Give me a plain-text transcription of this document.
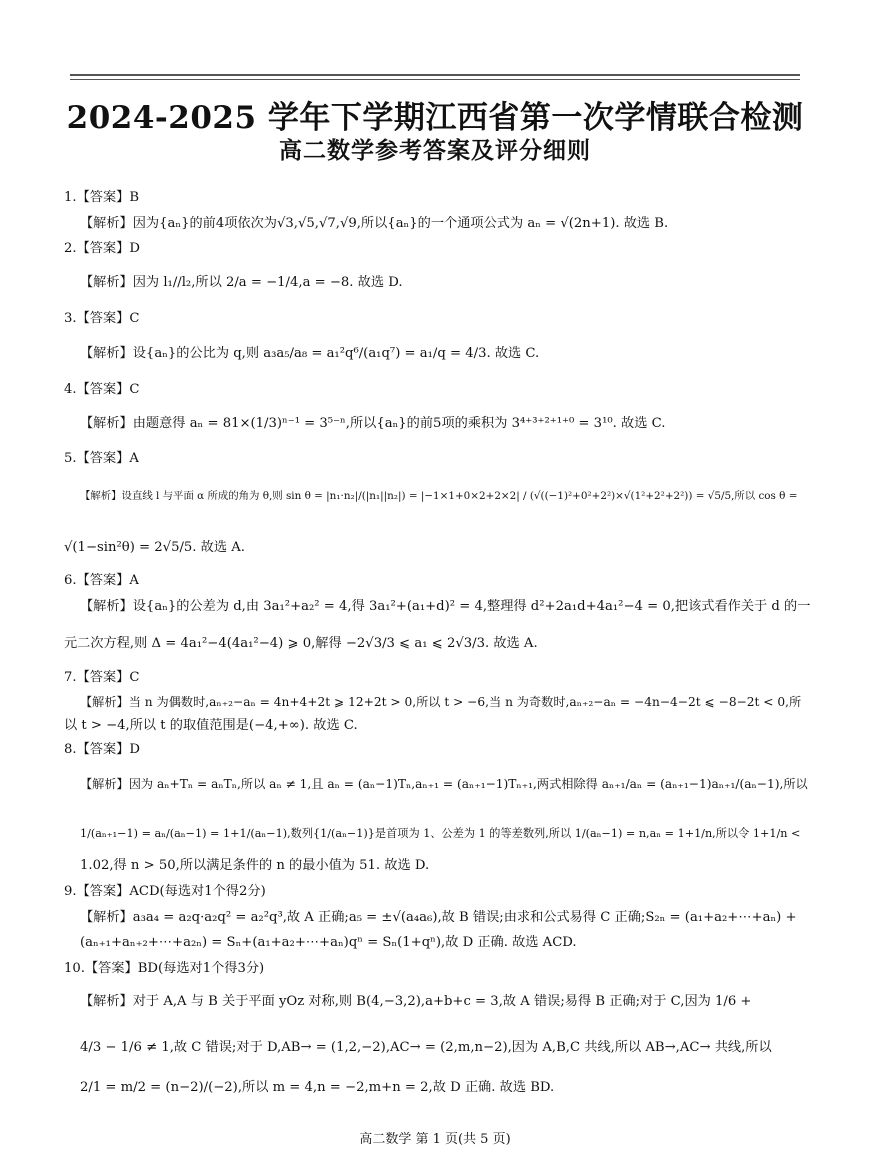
2024-2025 学年下学期江西省第一次学情联合检测
高二数学参考答案及评分细则
1.【答案】B
【解析】因为{aₙ}的前4项依次为√3,√5,√7,√9,所以{aₙ}的一个通项公式为 aₙ = √(2n+1). 故选 B.
2.【答案】D
【解析】因为 l₁//l₂,所以 2/a = −1/4,a = −8. 故选 D.
3.【答案】C
【解析】设{aₙ}的公比为 q,则 a₃a₅/a₈ = a₁²q⁶/(a₁q⁷) = a₁/q = 4/3. 故选 C.
4.【答案】C
【解析】由题意得 aₙ = 81×(1/3)ⁿ⁻¹ = 3⁵⁻ⁿ,所以{aₙ}的前5项的乘积为 3⁴⁺³⁺²⁺¹⁺⁰ = 3¹⁰. 故选 C.
5.【答案】A
【解析】设直线 l 与平面 α 所成的角为 θ,则 sin θ = |n₁·n₂|/(|n₁||n₂|) = |−1×1+0×2+2×2| / (√((−1)²+0²+2²)×√(1²+2²+2²)) = √5/5,所以 cos θ =
√(1−sin²θ) = 2√5/5. 故选 A.
6.【答案】A
【解析】设{aₙ}的公差为 d,由 3a₁²+a₂² = 4,得 3a₁²+(a₁+d)² = 4,整理得 d²+2a₁d+4a₁²−4 = 0,把该式看作关于 d 的一
元二次方程,则 Δ = 4a₁²−4(4a₁²−4) ⩾ 0,解得 −2√3/3 ⩽ a₁ ⩽ 2√3/3. 故选 A.
7.【答案】C
【解析】当 n 为偶数时,aₙ₊₂−aₙ = 4n+4+2t ⩾ 12+2t > 0,所以 t > −6,当 n 为奇数时,aₙ₊₂−aₙ = −4n−4−2t ⩽ −8−2t < 0,所
以 t > −4,所以 t 的取值范围是(−4,+∞). 故选 C.
8.【答案】D
【解析】因为 aₙ+Tₙ = aₙTₙ,所以 aₙ ≠ 1,且 aₙ = (aₙ−1)Tₙ,aₙ₊₁ = (aₙ₊₁−1)Tₙ₊₁,两式相除得 aₙ₊₁/aₙ = (aₙ₊₁−1)aₙ₊₁/(aₙ−1),所以
1/(aₙ₊₁−1) = aₙ/(aₙ−1) = 1+1/(aₙ−1),数列{1/(aₙ−1)}是首项为 1、公差为 1 的等差数列,所以 1/(aₙ−1) = n,aₙ = 1+1/n,所以令 1+1/n <
1.02,得 n > 50,所以满足条件的 n 的最小值为 51. 故选 D.
9.【答案】ACD(每选对1个得2分)
【解析】a₃a₄ = a₂q·a₂q² = a₂²q³,故 A 正确;a₅ = ±√(a₄a₆),故 B 错误;由求和公式易得 C 正确;S₂ₙ = (a₁+a₂+⋯+aₙ) +
(aₙ₊₁+aₙ₊₂+⋯+a₂ₙ) = Sₙ+(a₁+a₂+⋯+aₙ)qⁿ = Sₙ(1+qⁿ),故 D 正确. 故选 ACD.
10.【答案】BD(每选对1个得3分)
【解析】对于 A,A 与 B 关于平面 yOz 对称,则 B(4,−3,2),a+b+c = 3,故 A 错误;易得 B 正确;对于 C,因为 1/6 +
4/3 − 1/6 ≠ 1,故 C 错误;对于 D,AB→ = (1,2,−2),AC→ = (2,m,n−2),因为 A,B,C 共线,所以 AB→,AC→ 共线,所以
2/1 = m/2 = (n−2)/(−2),所以 m = 4,n = −2,m+n = 2,故 D 正确. 故选 BD.
高二数学 第 1 页(共 5 页)
